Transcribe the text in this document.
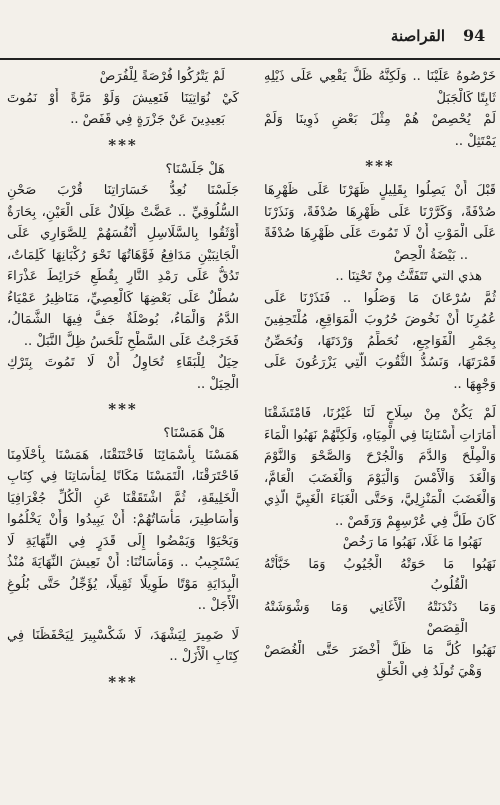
94
القراصنة
خَرْصُوهُ عَلَيْنَا .. وَلَكِنَّهُ ظَلَّ يَقْعِي عَلَى ذَيْلِهِ
ثَابِتًا كَالْجَبَلْ
لَمْ يُحْصِصْ هُمْ مِثْلَ بَعْضِ ذَوِينَا وَلَمْ
يَمْتَثِلْ ..
***
قَبْلَ أَنْ يَصِلُوا بِقَلِيلٍ ظَهَرْنَا عَلَى ظَهْرِهَا
صُدْفَةً، وَكَرَّرْنَا عَلَى ظَهْرِهَا صُدْفَةً، وَنَذَرْنَا
عَلَى الْمَوْتِ أَنْ لَا تَمُوتَ عَلَى ظَهْرِهَا صُدْفَةً
.. بَيْضَةُ الْحِصْ
هذي التي تَتَفَتَّتُ مِنْ تَحْتِنَا ..
ثُمَّ سُرْعَانَ مَا وَصَلُوا .. فَنَذَرْنَا عَلَى
عُمُرِنَا أَنْ نَخُوضَ حُرُوبَ الْمَوَاقِعِ، مُلْتَحِفِينَ
بِجَمْرِ الْفَوَاجِعِ، نُحَطِّمُ وَرْدَتَهَا، وَنُحَصِّنُ
قَمْرَتَهَا، وَنَسُدُّ الثُّقُوبَ الَّتِي يَزْرَعُونَ عَلَى
وَجْهِهَا ..
لَمْ يَكُنْ مِنْ سِلَاحٍ لَنَا غَيْرُنَا، فَامْتَشَقْنَا
أَمَارَاتِ أَسْنَانِنَا فِي الْمِيَاهِ، وَلَكِنَّهُمْ نَهَبُوا الْمَاءَ
وَالْمِلْحَ وَالدَّمَ وَالْجُرْحَ وَالصَّحْوَ وَالنَّوْمَ
وَالْغَدَ وَالْأَمْسَ وَالْيَوْمَ وَالْغَضَبَ الْعَامَّ،
وَالْغَضَبَ الْمَنْزِلِيَّ، وَحَتَّى الْغَبَاءَ الْغَبِيَّ الَّذِي
كَانَ طَلَّ فِي عُرْسِهِمْ وَرَقَصْ ..
نَهَبُوا مَا غَلَا، نَهَبُوا مَا رَخُصْ
نَهَبُوا مَا حَوَتْهُ الْجُيُوبُ وَمَا خَبَّأَتْهُ
الْقُلُوبُ
وَمَا دَنْدَنَتْهُ الْأَغَانِي وَمَا وَشْوَشَتْهُ
الْقِصَصْ
نَهَبُوا كُلَّ مَا ظَلَّ أَخْضَرَ حَتَّى الْغُصَصْ
وَهْيَ تُولَدُ فِي الْحَلْقِ
لَمْ يَتْرُكُوا فُرْصَةً لِلْفُرَصْ
كَيْ نُوَاتِيَنَا فَنَعِيشَ وَلَوْ مَرَّةً أَوْ نَمُوتَ
بَعِيدِينَ عَنْ جَزْرَةٍ فِي قَفَصْ ..
***
هَلْ جَلَسْنَا؟
جَلَسْنَا نُعِدُّ خَسَارَاتِنَا قُرْبَ صَحْنِ
السُّلُوقِيِّ .. عَضَّتْ ظِلَالٌ عَلَى الْعَيْنِ، بِحَارَةٌ
أَوْثَقُوا بِالسَّلَاسِلِ أَنْفُسَهُمْ لِلصَّوَارِي عَلَى
الْجَانِبَيْنِ مَدَافِعُ فَوَّهَاتُهَا نَحْوَ رُكْبَانِهَا كَلِمَاتٌ،
تَدُقُّ عَلَى رَمْدِ النَّارِ بِقُطَعِ خَرَائِطَ عَذْرَاءَ
سُطْلٌ عَلَى بَعْضِهَا كَالْعِصِيِّ، مَنَاظِيرُ عَمْيَاءُ
الدَّمُ وَالْمَاءُ، بُوصْلَةٌ جَفَّ فِيهَا الشَّمَالُ،
فَخَرَجْتُ عَلَى السَّطْحِ نَلْحَسُ ظِلَّ النَّبَلْ ..
حِيَلٌ لِلْبَقَاءِ تُحَاوِلُ أَنْ لَا تَمُوتَ بِتَرْكِ
الْحِيَلْ ..
***
هَلْ هَمَسْنَا؟
هَمَسْنَا بِأَسْمَائِنَا فَاخْتَنَقْنَا، هَمَسْنَا بِأَحْلَامِنَا
فَاحْتَرَقْنَا، الْتَمَسْنَا مَكَانًا لِمَأْسَاتِنَا فِي كِتَابِ
الْخَلِيقَةِ، ثُمَّ اشْتَقَقْنَا عَنِ الْكُلِّ جُغْرَافِيَا
وَأَسَاطِيرَ، مَأْسَاتُهُمْ: أَنْ يَبِيدُوا وَأَنْ يَخْلُمُوا
وَيَحْيَوْا وَيَمْضُوا إِلَى قَدَرٍ فِي النِّهَايَةِ لَا
يَسْتَجِيبُ .. وَمَأْسَاتُنَا: أَنْ نَعِيشَ النِّهَايَةَ مُنْذُ
الْبِدَايَةِ مَوْتًا طَوِيلًا ثَقِيلًا، يُؤَجِّلُ حَتَّى بُلُوغِ
الْأَجَلْ ..
لَا ضَمِيرَ لِيَشْهَدَ، لَا شَكْسْبِيرَ لِيَحْفَظَنَا فِي
كِتَابِ الْأَزَلْ ..
***
